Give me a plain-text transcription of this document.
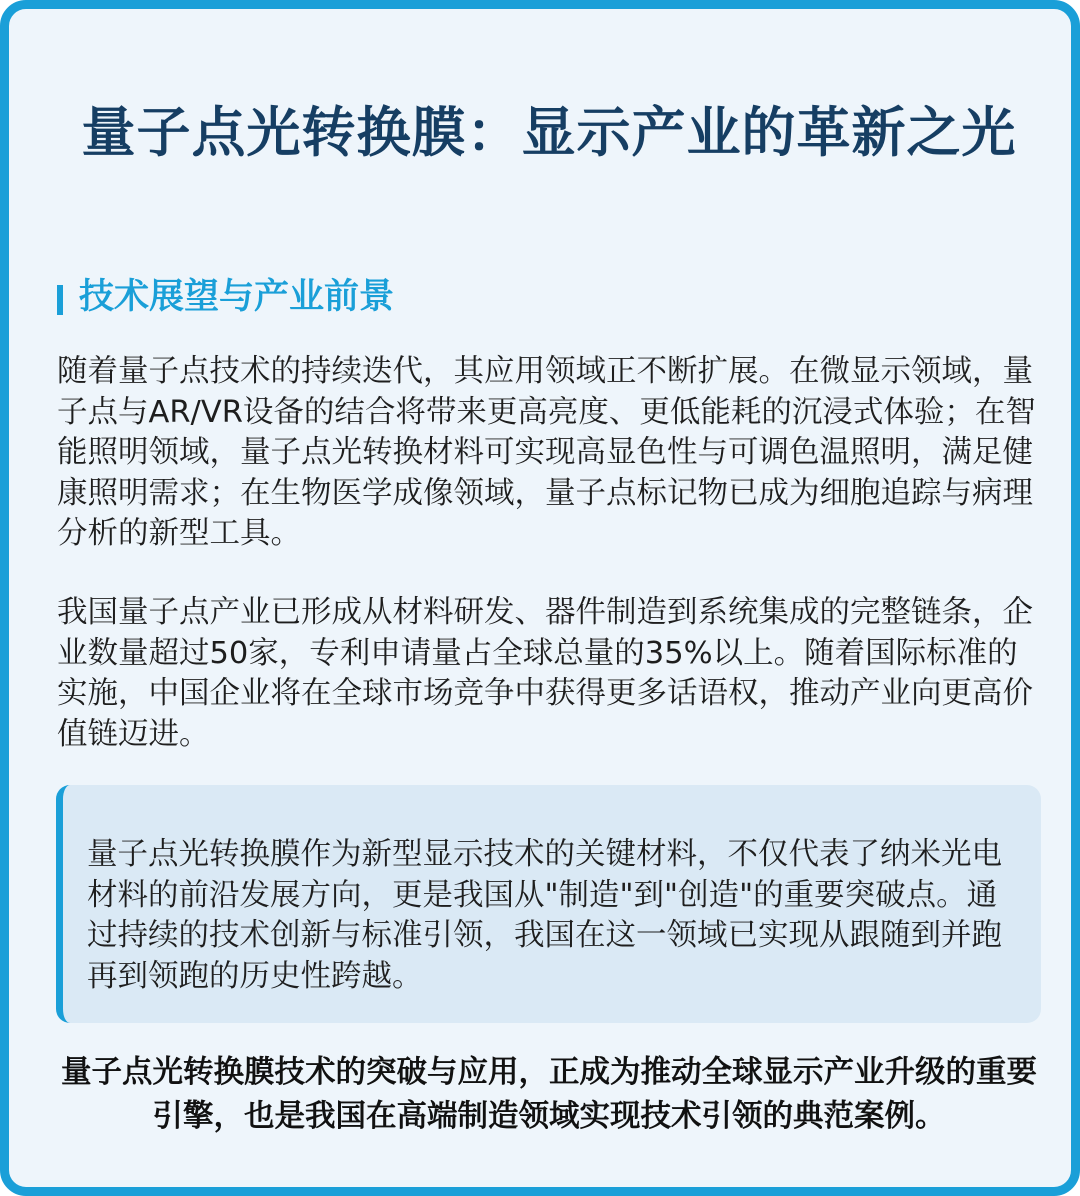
量子点光转换膜：显示产业的革新之光
技术展望与产业前景

随着量子点技术的持续迭代，其应用领域正不断扩展。在微显示领域，量子点与AR/VR设备的结合将带来更高亮度、更低能耗的沉浸式体验；在智能照明领域，量子点光转换材料可实现高显色性与可调色温照明，满足健康照明需求；在生物医学成像领域，量子点标记物已成为细胞追踪与病理分析的新型工具。

我国量子点产业已形成从材料研发、器件制造到系统集成的完整链条，企业数量超过50家，专利申请量占全球总量的35%以上。随着国际标准的实施，中国企业将在全球市场竞争中获得更多话语权，推动产业向更高价值链迈进。

量子点光转换膜作为新型显示技术的关键材料，不仅代表了纳米光电材料的前沿发展方向，更是我国从"制造"到"创造"的重要突破点。通过持续的技术创新与标准引领，我国在这一领域已实现从跟随到并跑再到领跑的历史性跨越。

量子点光转换膜技术的突破与应用，正成为推动全球显示产业升级的重要引擎，也是我国在高端制造领域实现技术引领的典范案例。
